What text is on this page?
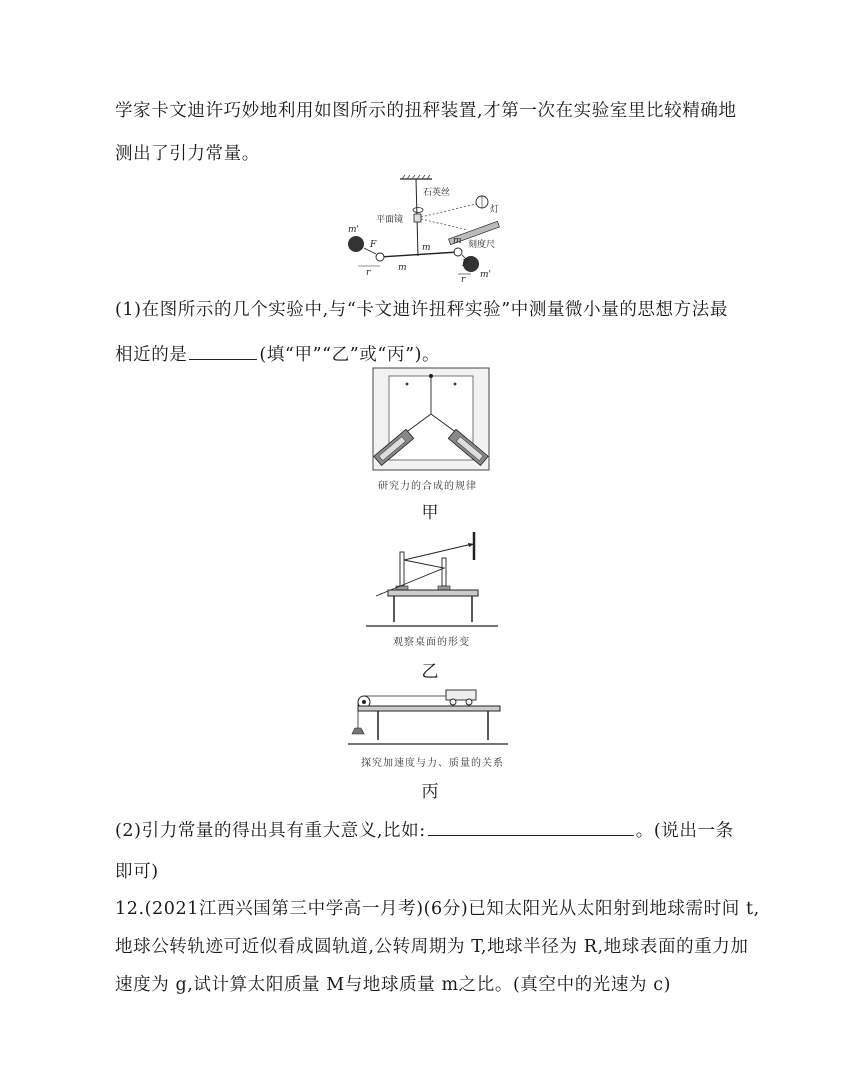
学家卡文迪许巧妙地利用如图所示的扭秤装置,才第一次在实验室里比较精确地
测出了引力常量。
石英丝
灯
平面镜
刻度尺
m'
m'
m
m
m
F
F
r
r
(1)在图所示的几个实验中,与“卡文迪许扭秤实验”中测量微小量的思想方法最
相近的是	(填“甲”“乙”或“丙”)。
研究力的合成的规律
甲
观察桌面的形变
乙
探究加速度与力、质量的关系
丙
(2)引力常量的得出具有重大意义,比如:	。(说出一条
即可)
12.(2021江西兴国第三中学高一月考)(6分)已知太阳光从太阳射到地球需时间 t,
地球公转轨迹可近似看成圆轨道,公转周期为 T,地球半径为 R,地球表面的重力加
速度为 g,试计算太阳质量 M与地球质量 m之比。(真空中的光速为 c)
